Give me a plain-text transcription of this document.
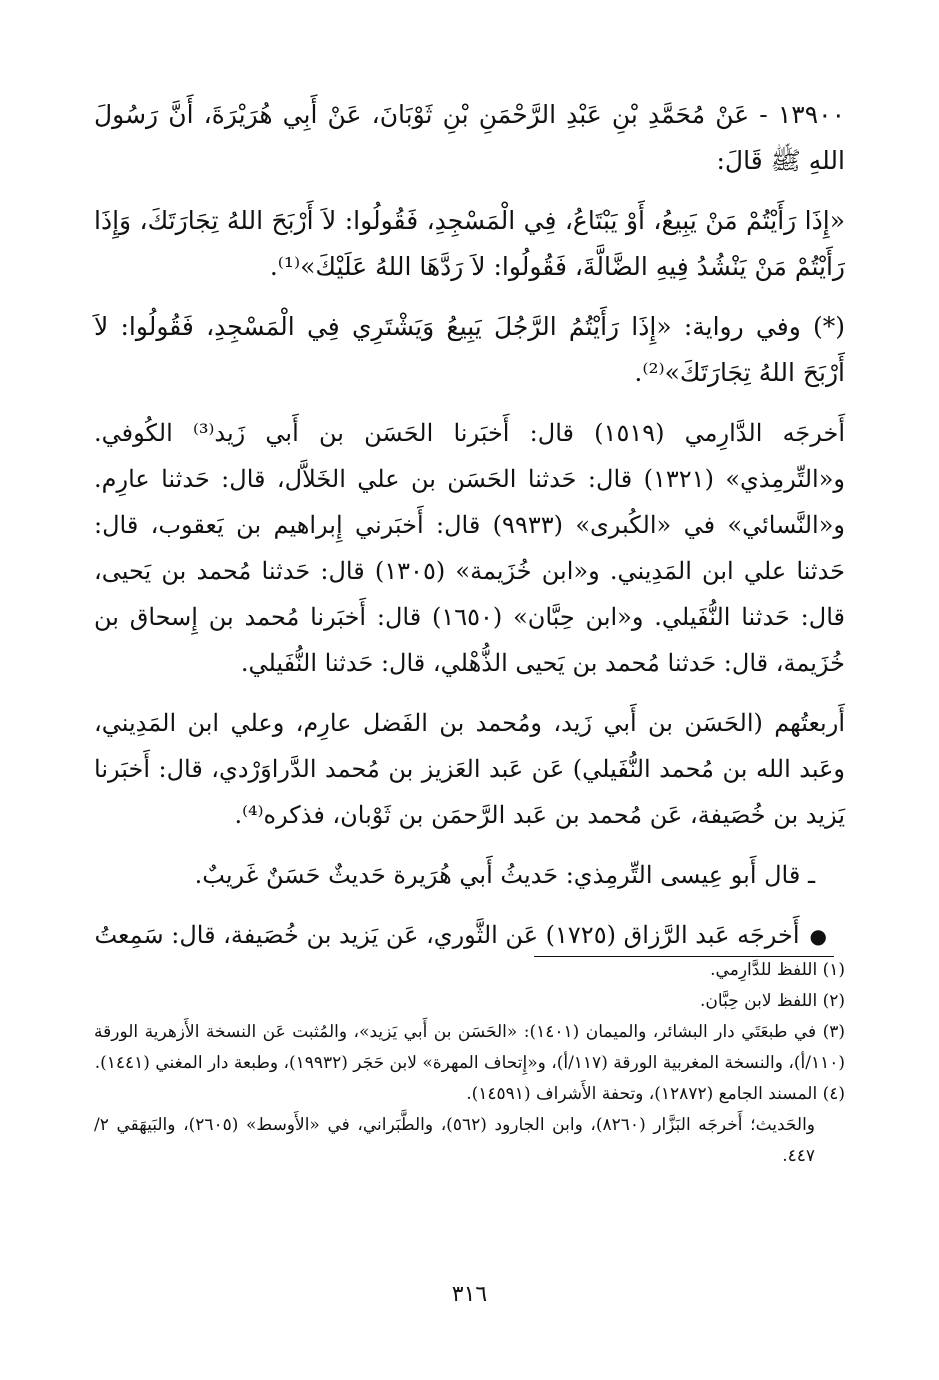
١٣٩٠٠ - عَنْ مُحَمَّدِ بْنِ عَبْدِ الرَّحْمَنِ بْنِ ثَوْبَانَ، عَنْ أَبِي هُرَيْرَةَ، أَنَّ رَسُولَ اللهِ ﷺ قَالَ:

«إِذَا رَأَيْتُمْ مَنْ يَبِيعُ، أَوْ يَبْتَاعُ، فِي الْمَسْجِدِ، فَقُولُوا: لاَ أَرْبَحَ اللهُ تِجَارَتَكَ، وَإِذَا رَأَيْتُمْ مَنْ يَنْشُدُ فِيهِ الضَّالَّةَ، فَقُولُوا: لاَ رَدَّهَا اللهُ عَلَيْكَ»⁽¹⁾.

(*) وفي رواية: «إِذَا رَأَيْتُمُ الرَّجُلَ يَبِيعُ وَيَشْتَرِي فِي الْمَسْجِدِ، فَقُولُوا: لاَ أَرْبَحَ اللهُ تِجَارَتَكَ»⁽²⁾.

أَخرجَه الدَّارِمي (١٥١٩) قال: أَخبَرنا الحَسَن بن أَبي زَيد⁽³⁾ الكُوفي. و«التِّرمِذي» (١٣٢١) قال: حَدثنا الحَسَن بن علي الخَلاَّل، قال: حَدثنا عارِم. و«النَّسائي» في «الكُبرى» (٩٩٣٣) قال: أَخبَرني إِبراهيم بن يَعقوب، قال: حَدثنا علي ابن المَدِيني. و«ابن خُزَيمة» (١٣٠٥) قال: حَدثنا مُحمد بن يَحيى، قال: حَدثنا النُّفَيلي. و«ابن حِبَّان» (١٦٥٠) قال: أَخبَرنا مُحمد بن إِسحاق بن خُزَيمة، قال: حَدثنا مُحمد بن يَحيى الذُّهْلي، قال: حَدثنا النُّفَيلي.

أَربعتُهم (الحَسَن بن أَبي زَيد، ومُحمد بن الفَضل عارِم، وعلي ابن المَدِيني، وعَبد الله بن مُحمد النُّفَيلي) عَن عَبد العَزيز بن مُحمد الدَّراوَرْدي، قال: أَخبَرنا يَزيد بن خُصَيفة، عَن مُحمد بن عَبد الرَّحمَن بن ثَوْبان، فذكره⁽⁴⁾.

ـ قال أَبو عِيسى التِّرمِذي: حَديثُ أَبي هُرَيرة حَديثٌ حَسَنٌ غَريبٌ.

●أَخرجَه عَبد الرَّزاق (١٧٢٥) عَن الثَّوري، عَن يَزيد بن خُصَيفة، قال: سَمِعتُ

(١) اللفظ للدَّارِمي.

(٢) اللفظ لابن حِبَّان.

(٣) في طبعَتَي دار البشائر، والميمان (١٤٠١): «الحَسَن بن أَبي يَزيد»، والمُثبت عَن النسخة الأَزهرية الورقة (١١٠/أ)، والنسخة المغربية الورقة (١١٧/أ)، و«إِتحاف المهرة» لابن حَجَر (١٩٩٣٢)، وطبعة دار المغني (١٤٤١).

(٤) المسند الجامع (١٢٨٧٢)، وتحفة الأَشراف (١٤٥٩١).

والحَديث؛ أَخرجَه البَزَّار (٨٢٦٠)، وابن الجارود (٥٦٢)، والطَّبَراني، في «الأَوسط» (٢٦٠٥)، والبَيهَقي ٢/ ٤٤٧.

٣١٦
